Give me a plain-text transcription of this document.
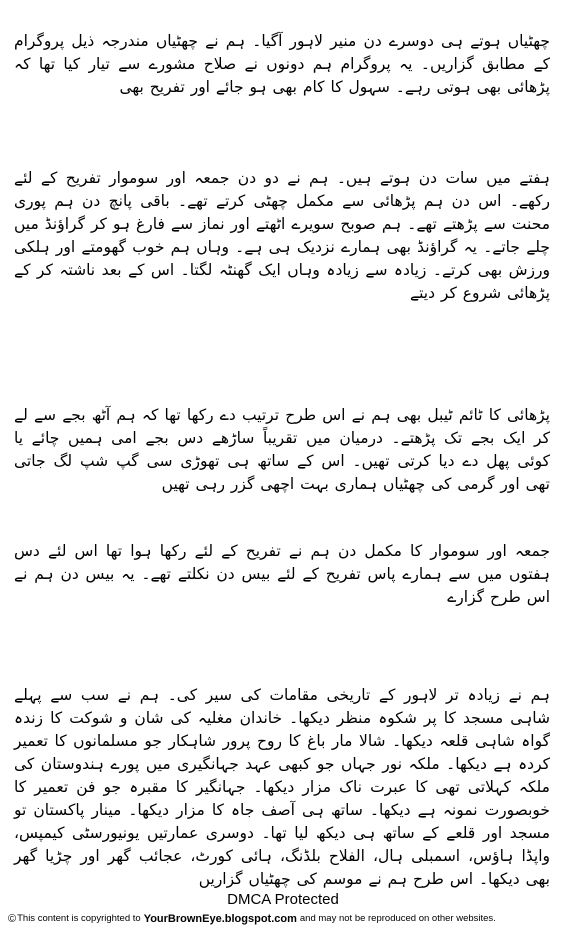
چھٹیاں ہوتے ہی دوسرے دن منیر لاہور آگیا۔ ہم نے چھٹیاں مندرجہ ذیل پروگرام کے مطابق گزاریں۔ یہ پروگرام ہم دونوں نے صلاح مشورے سے تیار کیا تھا کہ پڑھائی بھی ہوتی رہے۔ سہول کا کام بھی ہو جائے اور تفریح بھی

ہفتے میں سات دن ہوتے ہیں۔ ہم نے دو دن جمعہ اور سوموار تفریح کے لئے رکھے۔ اس دن ہم پڑھائی سے مکمل چھٹی کرتے تھے۔ باقی پانچ دن ہم پوری محنت سے پڑھتے تھے۔ ہم صوبح سویرے اٹھتے اور نماز سے فارغ ہو کر گراؤنڈ میں چلے جاتے۔ یہ گراؤنڈ بھی ہمارے نزدیک ہی ہے۔ وہاں ہم خوب گھومتے اور ہلکی ورزش بھی کرتے۔ زیادہ سے زیادہ وہاں ایک گھنٹہ لگتا۔ اس کے بعد ناشتہ کر کے پڑھائی شروع کر دیتے

پڑھائی کا ٹائم ٹیبل بھی ہم نے اس طرح ترتیب دے رکھا تھا کہ ہم آٹھ بجے سے لے کر ایک بجے تک پڑھتے۔ درمیان میں تقریباً ساڑھے دس بجے امی ہمیں چائے یا کوئی پھل دے دیا کرتی تھیں۔ اس کے ساتھ ہی تھوڑی سی گپ شپ لگ جاتی تھی اور گرمی کی چھٹیاں ہماری بہت اچھی گزر رہی تھیں

جمعہ اور سوموار کا مکمل دن ہم نے تفریح کے لئے رکھا ہوا تھا اس لئے دس ہفتوں میں سے ہمارے پاس تفریح کے لئے بیس دن نکلتے تھے۔ یہ بیس دن ہم نے اس طرح گزارے

ہم نے زیادہ تر لاہور کے تاریخی مقامات کی سیر کی۔ ہم نے سب سے پہلے شاہی مسجد کا پر شکوہ منظر دیکھا۔ خاندان مغلیہ کی شان و شوکت کا زندہ گواہ شاہی قلعہ دیکھا۔ شالا مار باغ کا روح پرور شاہکار جو مسلمانوں کا تعمیر کردہ ہے دیکھا۔ ملکہ نور جہاں جو کبھی عہد جہانگیری میں پورے ہندوستان کی ملکہ کہلاتی تھی کا عبرت ناک مزار دیکھا۔ جہانگیر کا مقبرہ جو فن تعمیر کا خوبصورت نمونہ ہے دیکھا۔ ساتھ ہی آصف جاہ کا مزار دیکھا۔ مینار پاکستان تو مسجد اور قلعے کے ساتھ ہی دیکھ لیا تھا۔ دوسری عمارتیں یونیورسٹی کیمپس، واپڈا ہاؤس، اسمبلی ہال، الفلاح بلڈنگ، ہائی کورٹ، عجائب گھر اور چڑیا گھر بھی دیکھا۔ اس طرح ہم نے موسم کی چھٹیاں گزاریں

DMCA Protected
© This content is copyrighted to YourBrownEye.blogspot.com and may not be reproduced on other websites.
